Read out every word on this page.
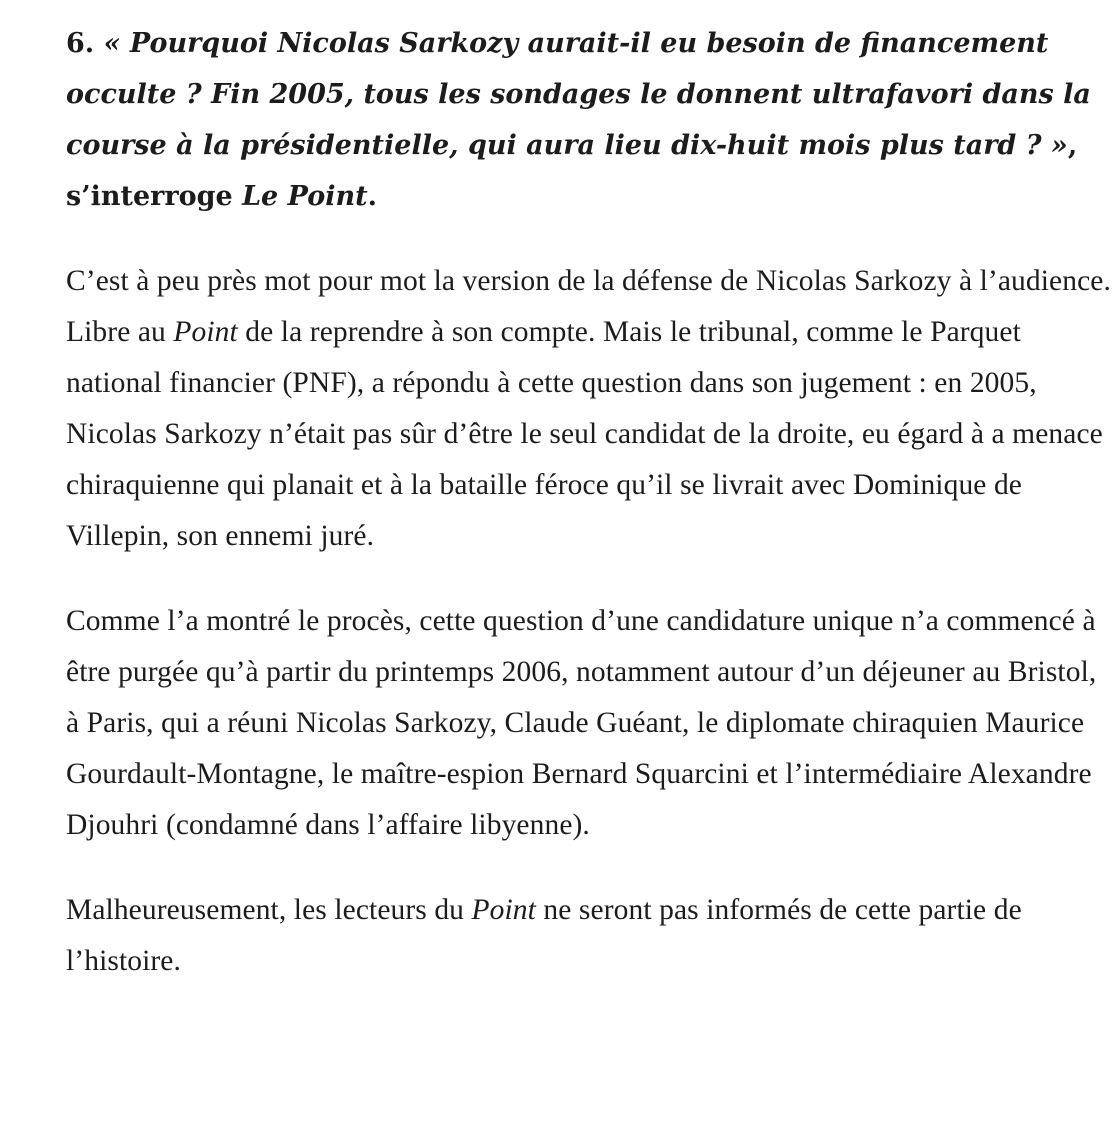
6. « Pourquoi Nicolas Sarkozy aurait-il eu besoin de financement occulte ? Fin 2005, tous les sondages le donnent ultrafavori dans la course à la présidentielle, qui aura lieu dix-huit mois plus tard ? », s’interroge Le Point.

C’est à peu près mot pour mot la version de la défense de Nicolas Sarkozy à l’audience. Libre au Point de la reprendre à son compte. Mais le tribunal, comme le Parquet national financier (PNF), a répondu à cette question dans son jugement : en 2005, Nicolas Sarkozy n’était pas sûr d’être le seul candidat de la droite, eu égard à a menace chiraquienne qui planait et à la bataille féroce qu’il se livrait avec Dominique de Villepin, son ennemi juré.

Comme l’a montré le procès, cette question d’une candidature unique n’a commencé à être purgée qu’à partir du printemps 2006, notamment autour d’un déjeuner au Bristol, à Paris, qui a réuni Nicolas Sarkozy, Claude Guéant, le diplomate chiraquien Maurice Gourdault-Montagne, le maître-espion Bernard Squarcini et l’intermédiaire Alexandre Djouhri (condamné dans l’affaire libyenne).

Malheureusement, les lecteurs du Point ne seront pas informés de cette partie de l’histoire.
